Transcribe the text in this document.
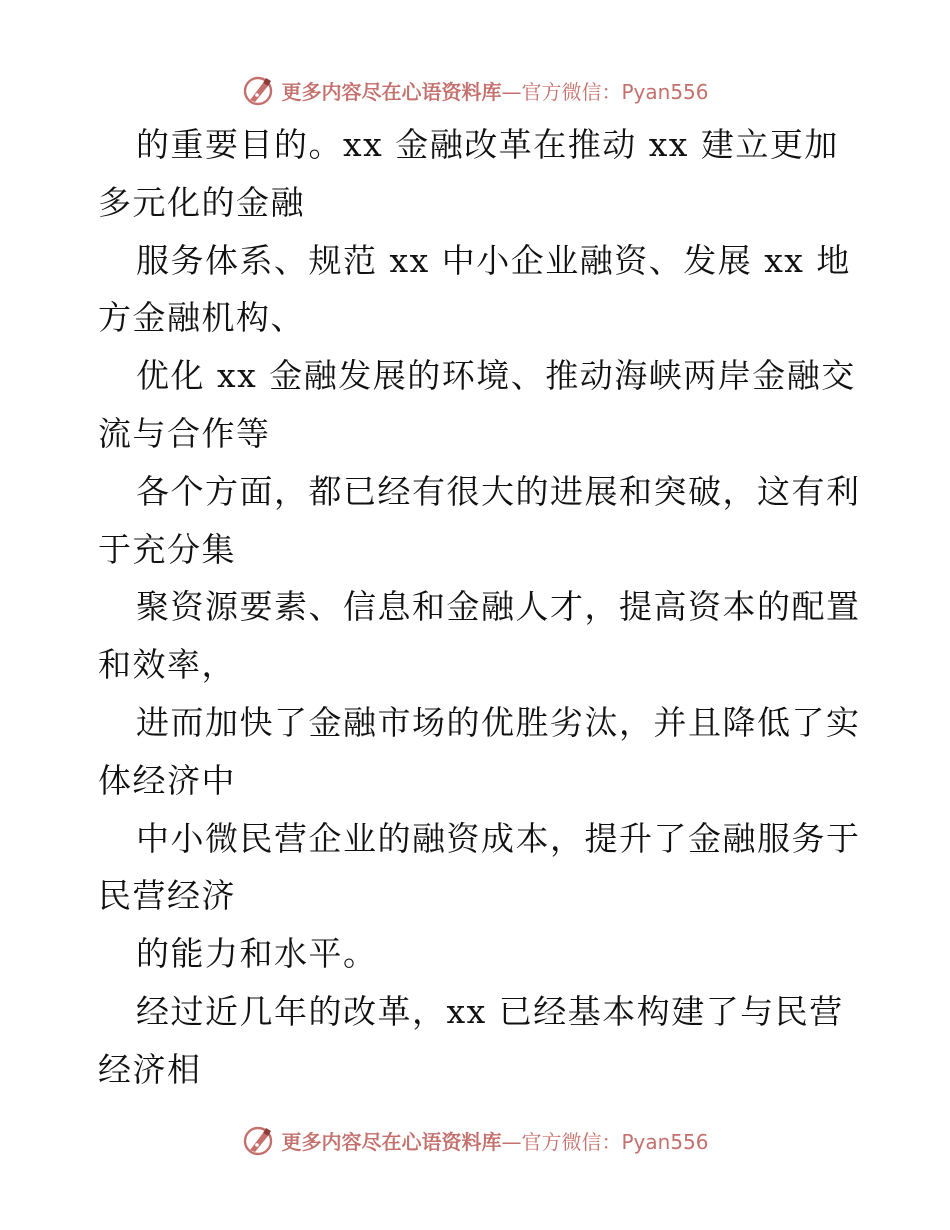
更多内容尽在心语资料库—官方微信：Pyan556

的重要目的。xx 金融改革在推动 xx 建立更加

多元化的金融

服务体系、规范 xx 中小企业融资、发展 xx 地

方金融机构、

优化 xx 金融发展的环境、推动海峡两岸金融交

流与合作等

各个方面，都已经有很大的进展和突破，这有利

于充分集

聚资源要素、信息和金融人才，提高资本的配置

和效率，

进而加快了金融市场的优胜劣汰，并且降低了实

体经济中

中小微民营企业的融资成本，提升了金融服务于

民营经济

的能力和水平。

经过近几年的改革，xx 已经基本构建了与民营

经济相

更多内容尽在心语资料库—官方微信：Pyan556
